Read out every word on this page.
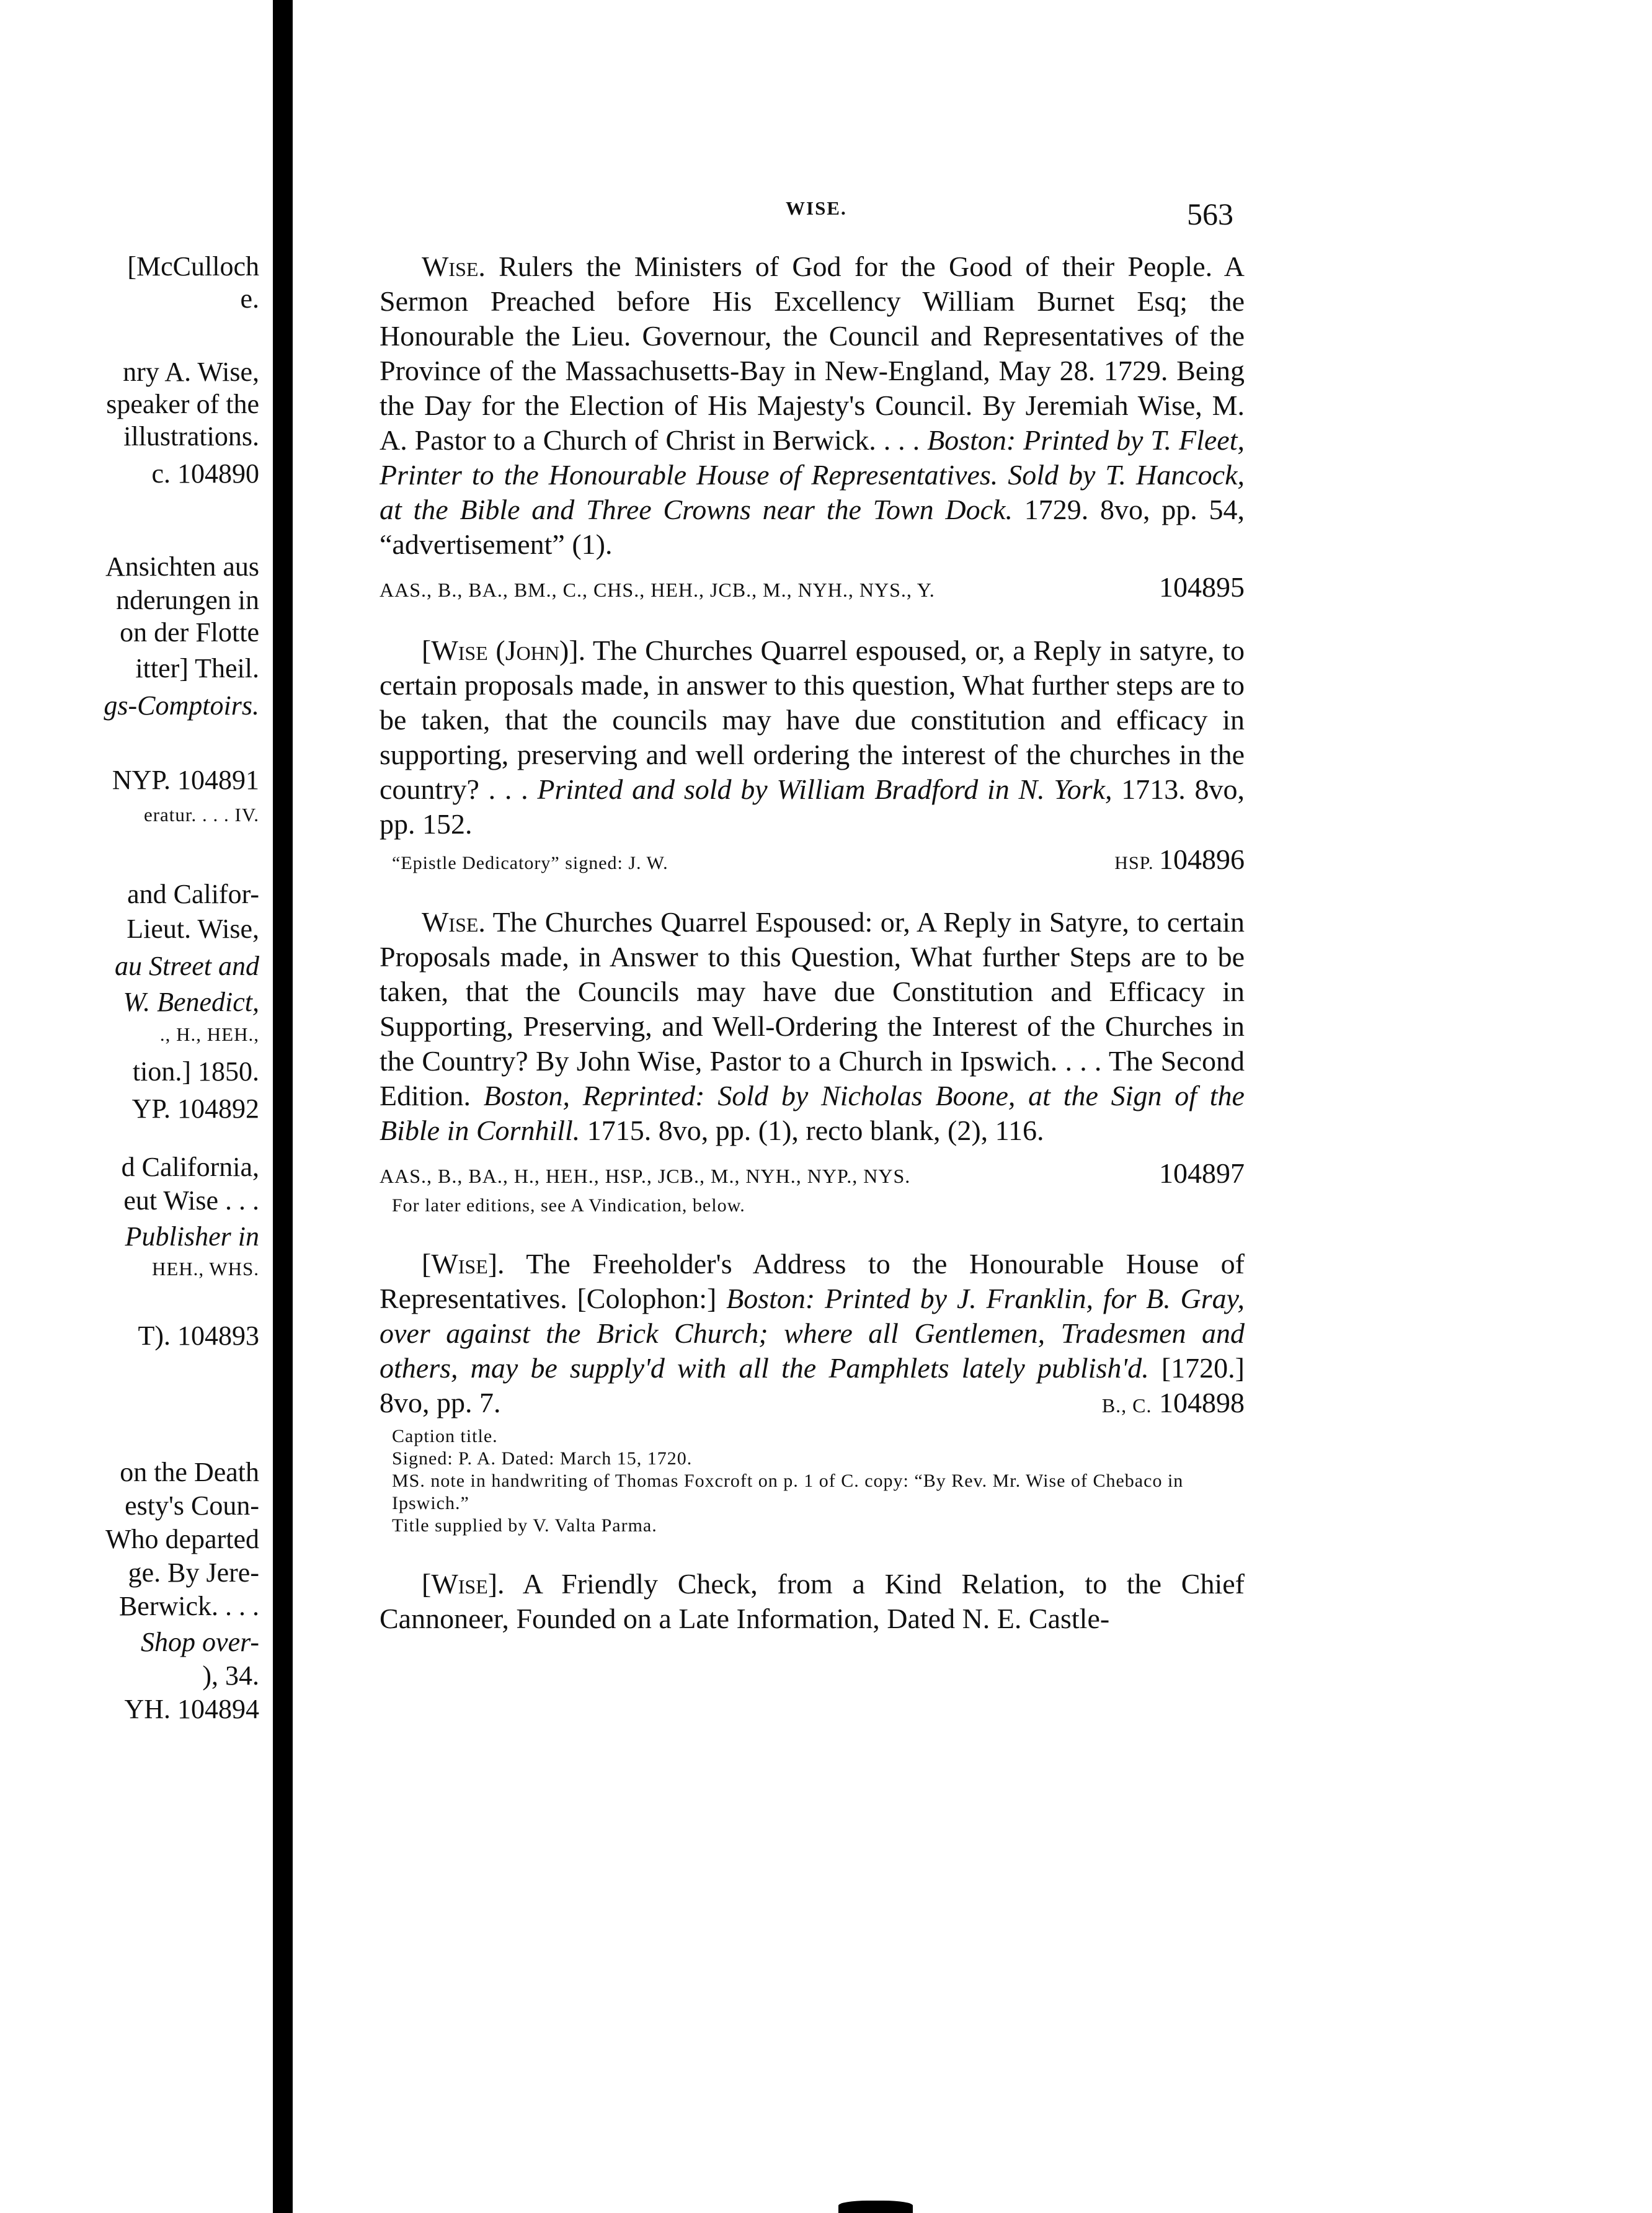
[McCulloch
e.
nry A. Wise,
speaker of the
illustrations.
c. 104890
Ansichten aus
nderungen in
on der Flotte
itter] Theil.
gs-Comptoirs.
NYP. 104891
eratur. . . . IV.
and Califor-
Lieut. Wise,
au Street and
W. Benedict,
., H., HEH.,
tion.] 1850.
YP. 104892
d California,
eut Wise . . .
Publisher in
HEH., WHS.
T). 104893
on the Death
esty's Coun-
Who departed
ge. By Jere-
Berwick. . . .
Shop over-
), 34.
YH. 104894
WISE.	563

Wise. Rulers the Ministers of God for the Good of their People. A Sermon Preached before His Excellency William Burnet Esq; the Honourable the Lieu. Governour, the Council and Representatives of the Province of the Massachusetts-Bay in New-England, May 28. 1729. Being the Day for the Election of His Majesty's Council. By Jeremiah Wise, M. A. Pastor to a Church of Christ in Berwick. . . . Boston: Printed by T. Fleet, Printer to the Honourable House of Representatives. Sold by T. Hancock, at the Bible and Three Crowns near the Town Dock. 1729. 8vo, pp. 54, “advertisement” (1).

AAS., B., BA., BM., C., CHS., HEH., JCB., M., NYH., NYS., Y.	104895

[Wise (John)]. The Churches Quarrel espoused, or, a Reply in satyre, to certain proposals made, in answer to this question, What further steps are to be taken, that the councils may have due constitution and efficacy in supporting, preserving and well ordering the interest of the churches in the country? . . . Printed and sold by William Bradford in N. York, 1713. 8vo, pp. 152.

“Epistle Dedicatory” signed: J. W.	HSP. 104896

Wise. The Churches Quarrel Espoused: or, A Reply in Satyre, to certain Proposals made, in Answer to this Question, What further Steps are to be taken, that the Councils may have due Constitution and Efficacy in Supporting, Preserving, and Well-Ordering the Interest of the Churches in the Country? By John Wise, Pastor to a Church in Ipswich. . . . The Second Edition. Boston, Reprinted: Sold by Nicholas Boone, at the Sign of the Bible in Cornhill. 1715. 8vo, pp. (1), recto blank, (2), 116.

AAS., B., BA., H., HEH., HSP., JCB., M., NYH., NYP., NYS.	104897
For later editions, see A Vindication, below.

[Wise]. The Freeholder's Address to the Honourable House of Representatives. [Colophon:] Boston: Printed by J. Franklin, for B. Gray, over against the Brick Church; where all Gentlemen, Tradesmen and others, may be supply'd with all the Pamphlets lately publish'd. [1720.] 8vo, pp. 7.	B., C. 104898

Caption title.
Signed: P. A. Dated: March 15, 1720.
MS. note in handwriting of Thomas Foxcroft on p. 1 of C. copy: “By Rev. Mr. Wise of Chebaco in Ipswich.”
Title supplied by V. Valta Parma.

[Wise]. A Friendly Check, from a Kind Relation, to the Chief Cannoneer, Founded on a Late Information, Dated N. E. Castle-
